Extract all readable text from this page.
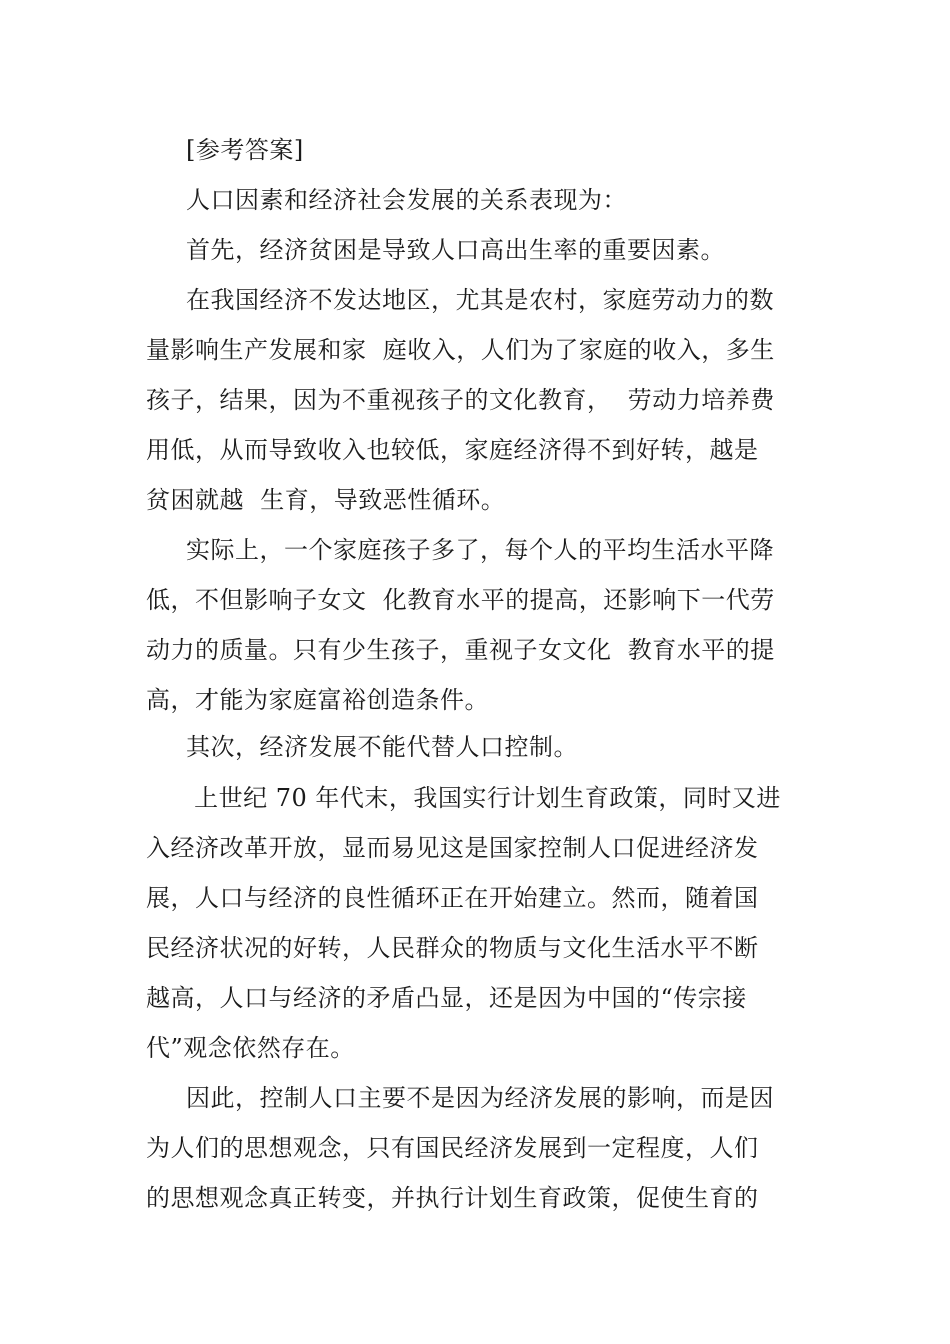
[参考答案]
人口因素和经济社会发展的关系表现为：
首先，经济贫困是导致人口高出生率的重要因素。
在我国经济不发达地区，尤其是农村，家庭劳动力的数
量影响生产发展和家  庭收入，人们为了家庭的收入，多生
孩子，结果，因为不重视孩子的文化教育，  劳动力培养费
用低，从而导致收入也较低，家庭经济得不到好转，越是
贫困就越  生育，导致恶性循环。
实际上，一个家庭孩子多了，每个人的平均生活水平降
低，不但影响子女文  化教育水平的提高，还影响下一代劳
动力的质量。只有少生孩子，重视子女文化  教育水平的提
高，才能为家庭富裕创造条件。
其次，经济发展不能代替人口控制。
上世纪 70 年代末，我国实行计划生育政策，同时又进
入经济改革开放，显而易见这是国家控制人口促进经济发
展，人口与经济的良性循环正在开始建立。然而，随着国
民经济状况的好转，人民群众的物质与文化生活水平不断
越高，人口与经济的矛盾凸显，还是因为中国的“传宗接
代”观念依然存在。
因此，控制人口主要不是因为经济发展的影响，而是因
为人们的思想观念，只有国民经济发展到一定程度，人们
的思想观念真正转变，并执行计划生育政策，促使生育的
